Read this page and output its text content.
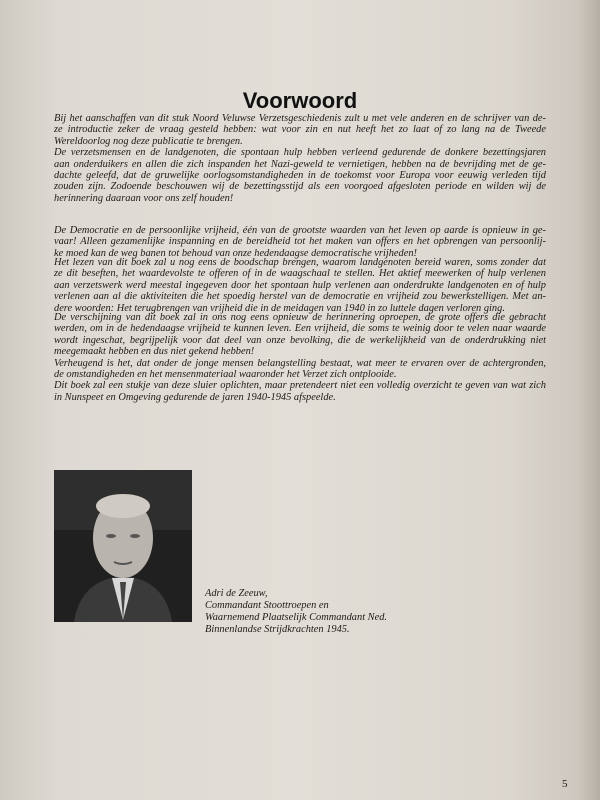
Voorwoord
Bij het aanschaffen van dit stuk Noord Veluwse Verzetsgeschiedenis zult u met vele anderen en de schrijver van de-
ze introductie zeker de vraag gesteld hebben: wat voor zin en nut heeft het zo laat of zo lang na de Tweede
Wereldoorlog nog deze publicatie te brengen.
De verzetsmensen en de landgenoten, die spontaan hulp hebben verleend gedurende de donkere bezettingsjaren
aan onderduikers en allen die zich inspanden het Nazi-geweld te vernietigen, hebben na de bevrijding met de ge-
dachte geleefd, dat de gruwelijke oorlogsomstandigheden in de toekomst voor Europa voor eeuwig verleden tijd
zouden zijn. Zodoende beschouwen wij de bezettingsstijd als een voorgoed afgesloten periode en wilden wij de
herinnering daaraan voor ons zelf houden!
De Democratie en de persoonlijke vrijheid, één van de grootste waarden van het leven op aarde is opnieuw in ge-
vaar! Alleen gezamenlijke inspanning en de bereidheid tot het maken van offers en het opbrengen van persoonlij-
ke moed kan de weg banen tot behoud van onze hedendaagse democratische vrijheden!
Het lezen van dit boek zal u nog eens de boodschap brengen, waarom landgenoten bereid waren, soms zonder dat
ze dit beseften, het waardevolste te offeren of in de waagschaal te stellen. Het aktief meewerken of hulp verlenen
aan verzetswerk werd meestal ingegeven door het spontaan hulp verlenen aan onderdrukte landgenoten en of hulp
verlenen aan al die aktiviteiten die het spoedig herstel van de democratie en vrijheid zou bewerkstelligen. Met an-
dere woorden: Het terugbrengen van vrijheid die in de meidagen van 1940 in zo luttele dagen verloren ging.
De verschijning van dit boek zal in ons nog eens opnieuw de herinnering oproepen, de grote offers die gebracht
werden, om in de hedendaagse vrijheid te kunnen leven. Een vrijheid, die soms te weinig door te velen naar waarde
wordt ingeschat, begrijpelijk voor dat deel van onze bevolking, die de werkelijkheid van de onderdrukking niet
meegemaakt hebben en dus niet gekend hebben!
Verheugend is het, dat onder de jonge mensen belangstelling bestaat, wat meer te ervaren over de achtergronden,
de omstandigheden en het mensenmateriaal waaronder het Verzet zich ontplooide.
Dit boek zal een stukje van deze sluier oplichten, maar pretendeert niet een volledig overzicht te geven van wat zich
in Nunspeet en Omgeving gedurende de jaren 1940-1945 afspeelde.
Adri de Zeeuw,
Commandant Stoottroepen en
Waarnemend Plaatselijk Commandant Ned.
Binnenlandse Strijdkrachten 1945.
5
